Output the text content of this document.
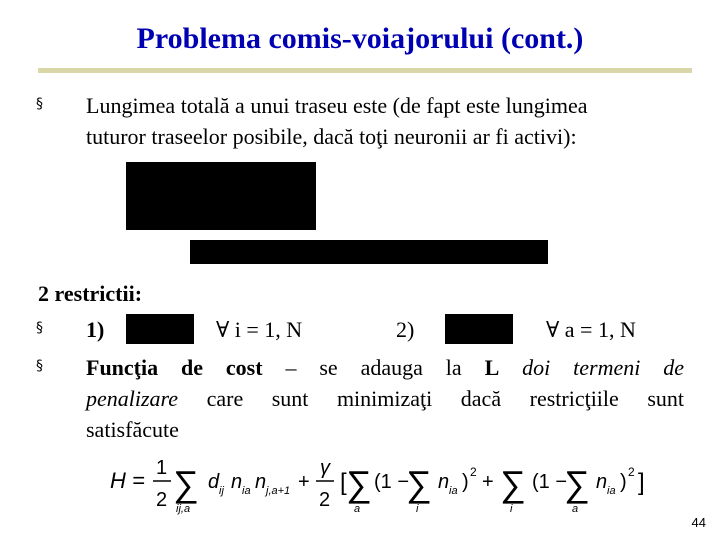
Problema comis-voiajorului (cont.)
§ Lungimea totală a unui traseu este (de fapt este lungimea
tuturor traseelor posibile, dacă toţi neuronii ar fi activi):
2 restrictii:
§ 1)	∀ i = 1, N	2)	∀ a = 1, N
§ Funcţia de cost – se adauga la L doi termeni de
penalizare care sunt minimizaţi dacă restricţiile sunt
satisfăcute
H = 1
2 ∑
ij,a
d ij n ia n j,a+1 +
γ
2
[ ∑
a
(1 −
∑
i
n ia ) 2 + ∑
i
(1 −
∑
a
n ia ) 2 ]
44
